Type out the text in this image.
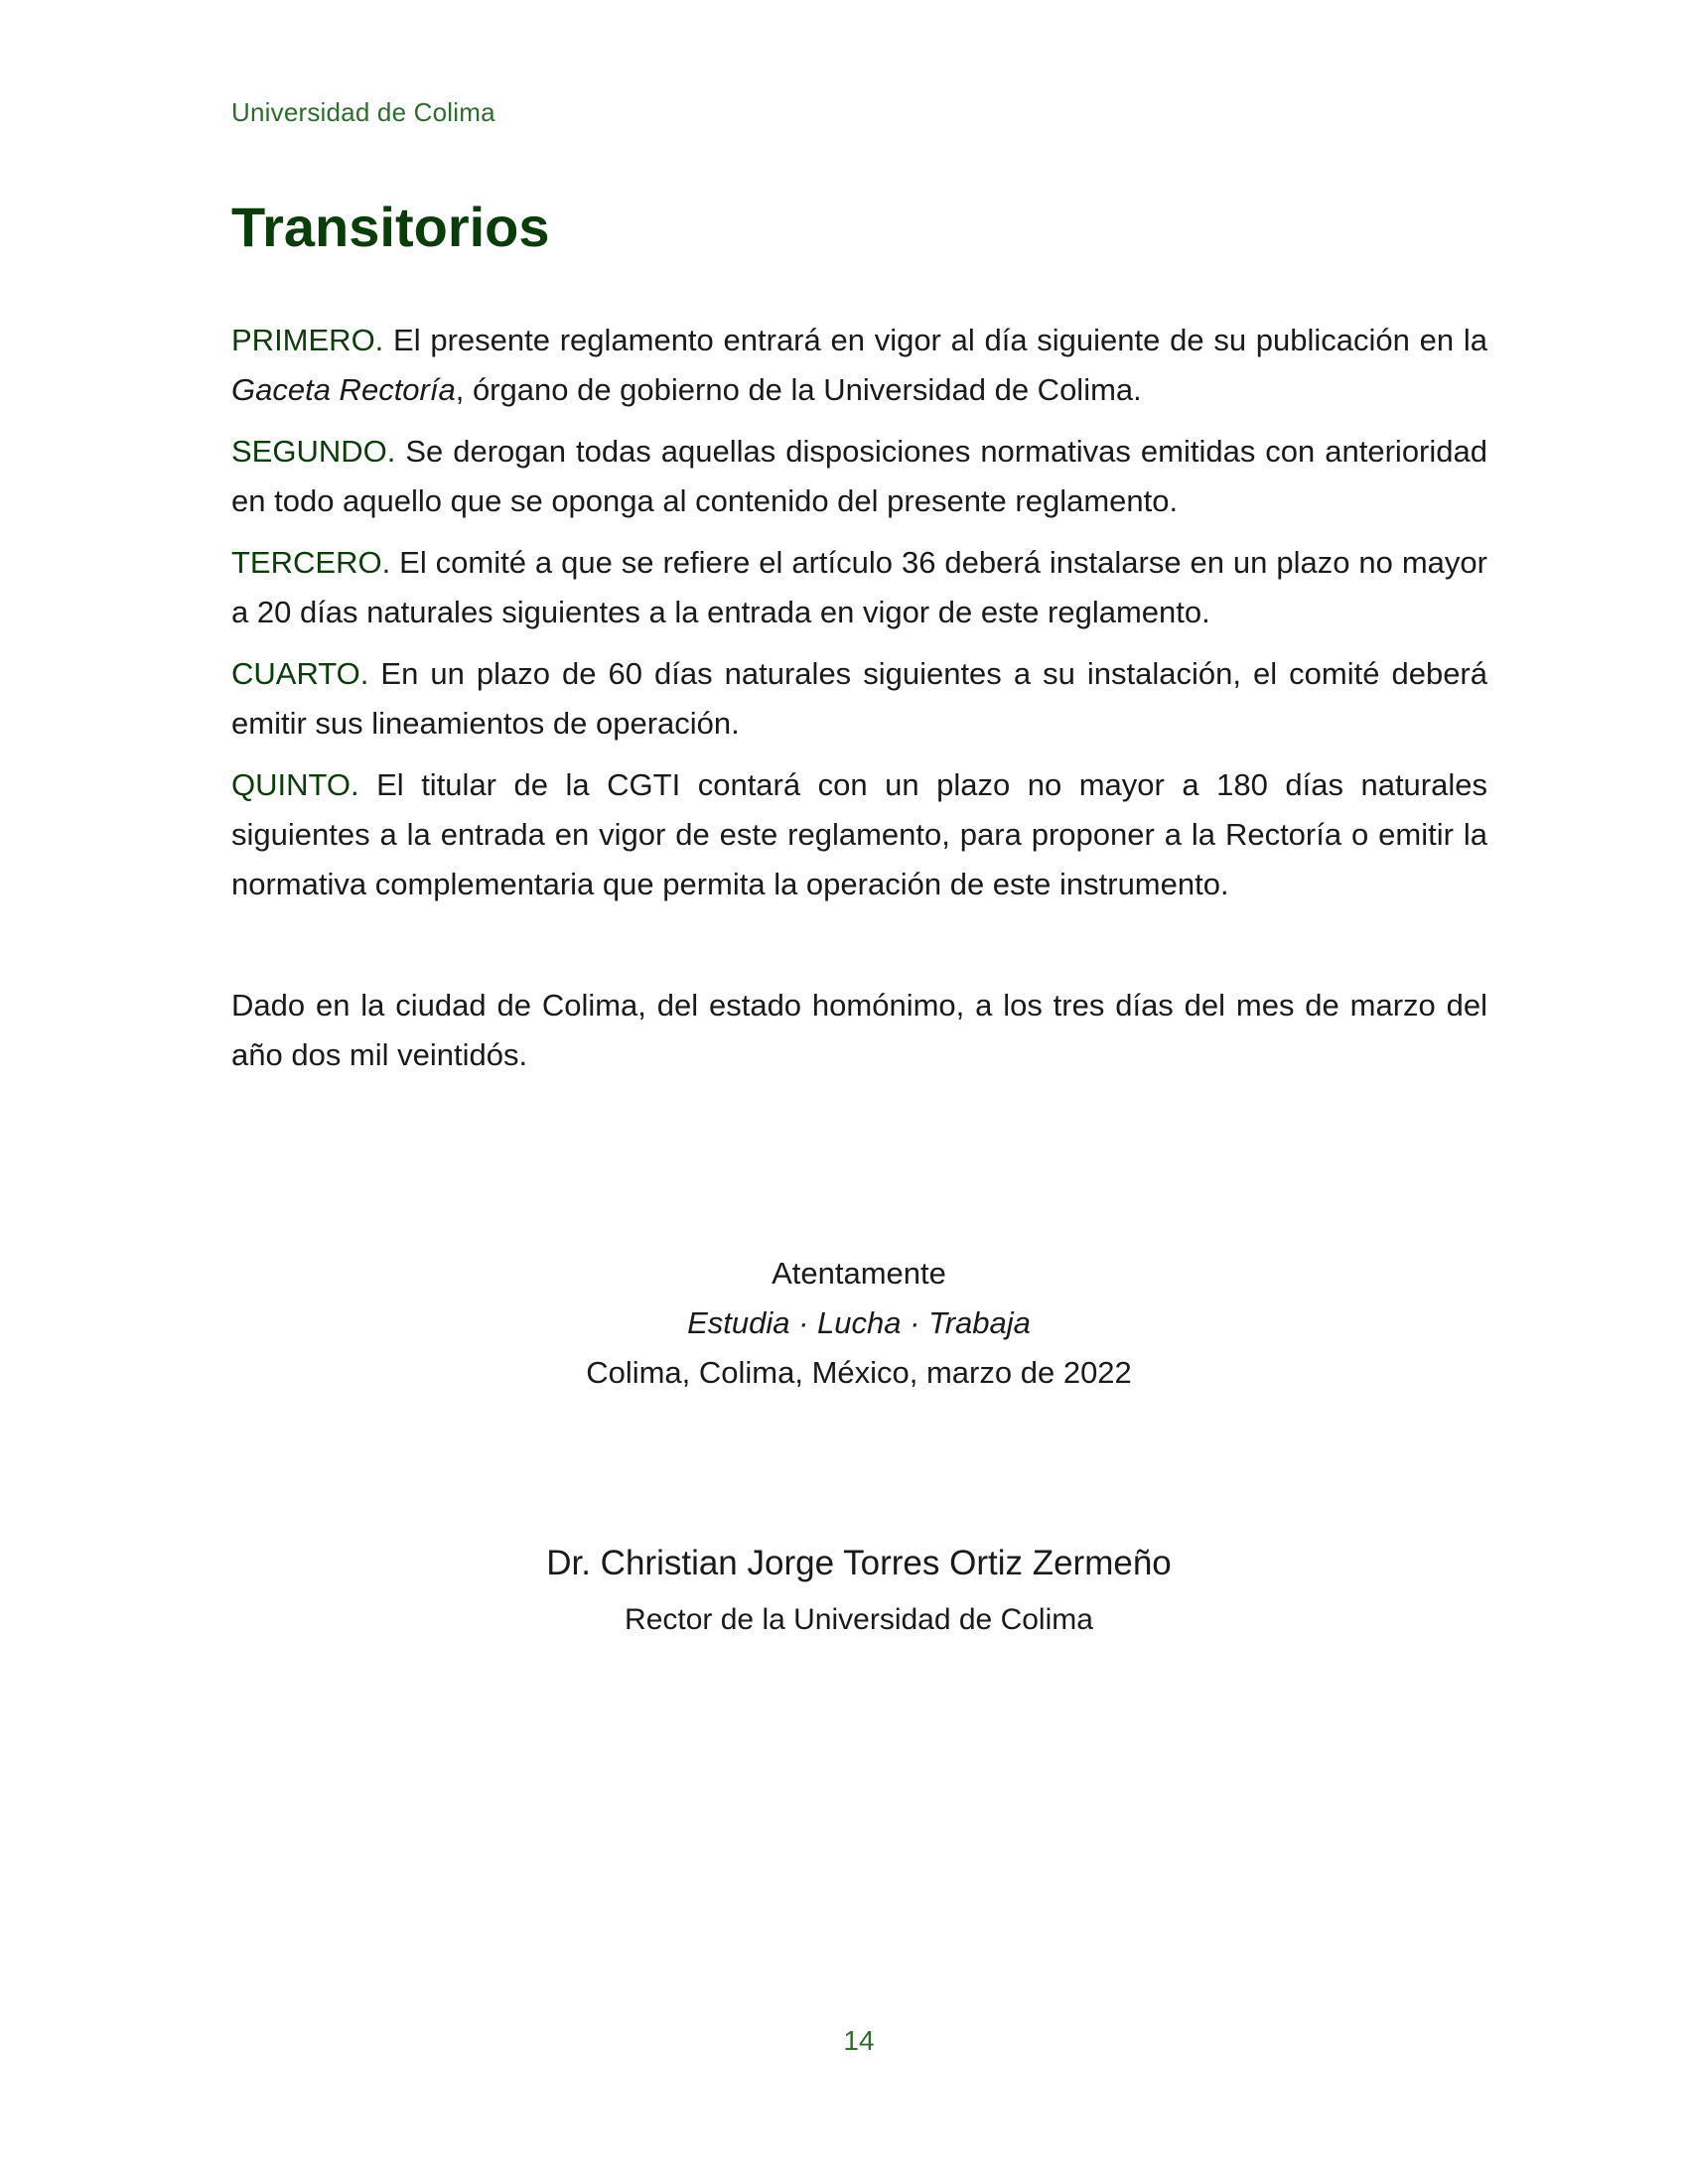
Universidad de Colima
Transitorios

PRIMERO. El presente reglamento entrará en vigor al día siguiente de su publicación en la Gaceta Rectoría, órgano de gobierno de la Universidad de Colima.

SEGUNDO. Se derogan todas aquellas disposiciones normativas emitidas con anterioridad en todo aquello que se oponga al contenido del presente reglamento.

TERCERO. El comité a que se refiere el artículo 36 deberá instalarse en un plazo no mayor a 20 días naturales siguientes a la entrada en vigor de este reglamento.

CUARTO. En un plazo de 60 días naturales siguientes a su instalación, el comité deberá emitir sus lineamientos de operación.

QUINTO. El titular de la CGTI contará con un plazo no mayor a 180 días naturales siguientes a la entrada en vigor de este reglamento, para proponer a la Rectoría o emitir la normativa complementaria que permita la operación de este instrumento.

Dado en la ciudad de Colima, del estado homónimo, a los tres días del mes de marzo del año dos mil veintidós.

Atentamente
Estudia · Lucha · Trabaja
Colima, Colima, México, marzo de 2022
Dr. Christian Jorge Torres Ortiz Zermeño
Rector de la Universidad de Colima
14
